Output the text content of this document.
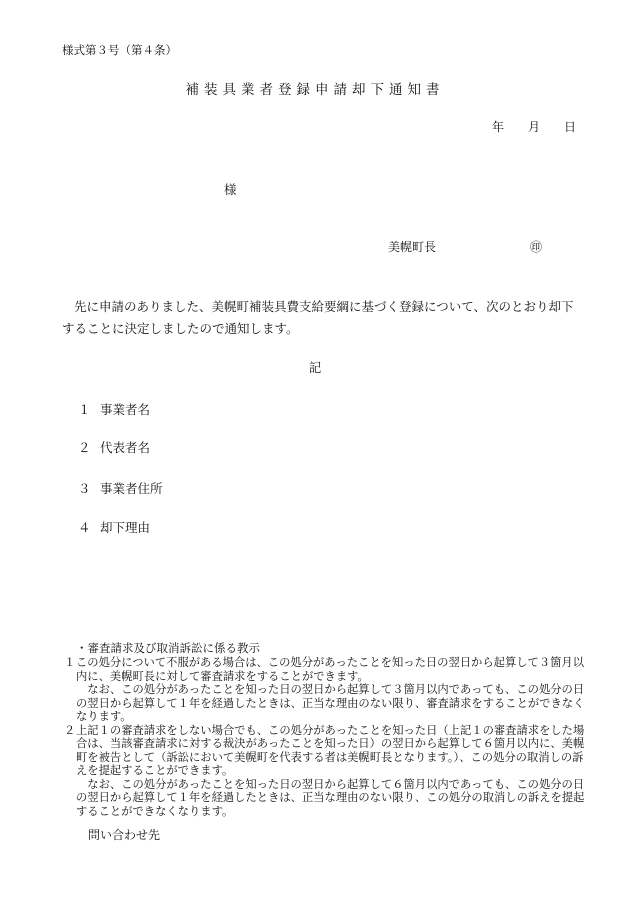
様式第３号（第４条）
補装具業者登録申請却下通知書
年 月 日
様
美幌町長	㊞
先に申請のありました、美幌町補装具費支給要綱に基づく登録について、次のとおり却下することに決定しましたので通知します。
記
１ 事業者名
２ 代表者名
３ 事業者住所
４ 却下理由
・審査請求及び取消訴訟に係る教示
１ この処分について不服がある場合は、この処分があったことを知った日の翌日から起算して３箇月以内に、美幌町長に対して審査請求をすることができます。

なお、この処分があったことを知った日の翌日から起算して３箇月以内であっても、この処分の日の翌日から起算して１年を経過したときは、正当な理由のない限り、審査請求をすることができなくなります。

２ 上記１の審査請求をしない場合でも、この処分があったことを知った日（上記１の審査請求をした場合は、当該審査請求に対する裁決があったことを知った日）の翌日から起算して６箇月以内に、美幌町を被告として（訴訟において美幌町を代表する者は美幌町長となります。）、この処分の取消しの訴えを提起することができます。

なお、この処分があったことを知った日の翌日から起算して６箇月以内であっても、この処分の日の翌日から起算して１年を経過したときは、正当な理由のない限り、この処分の取消しの訴えを提起することができなくなります。

問い合わせ先
